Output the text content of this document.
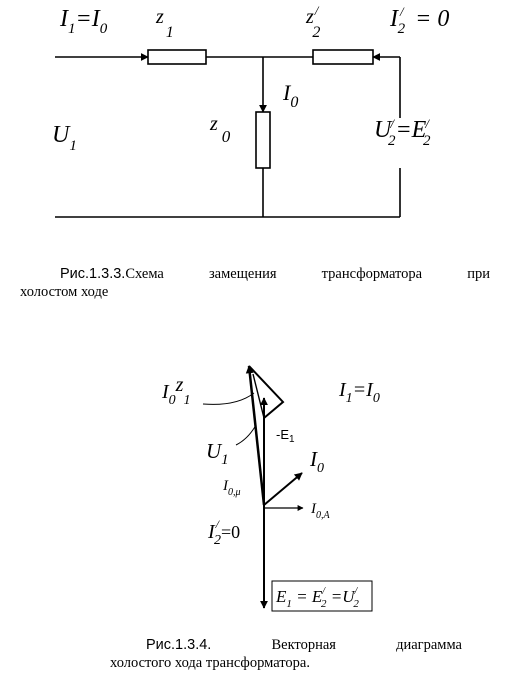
$I_1=I_0$
$z_1$
z/ 2
I / 2 = 0
$I_0$
$z_0$
$U_1$
U/ 2=E/ 2
$I_0z_1$	$I_1=I_0$
$-E_1$
$U_1$	$I_0$
$I_{0,\mu}$
$I_{0,A}$
I/ 2=0
$E_1 = E^/$ 2 =U/ 2
Рис.1.3.3.Схема	замещения	трансформатора	при
холостом ходе
Рис.1.3.4.	Векторная	диаграмма
холостого хода трансформатора.
